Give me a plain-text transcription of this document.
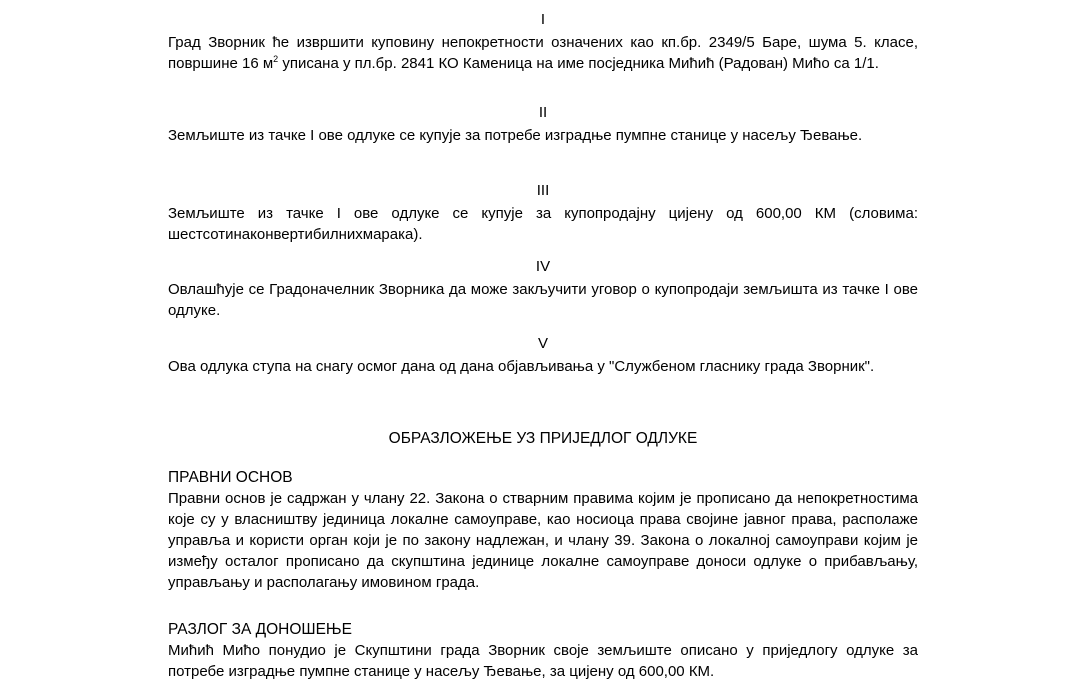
I

Град Зворник ће извршити куповину непокретности означених као кп.бр. 2349/5 Баре, шума 5. класе, површине 16 $м^2$ уписана у пл.бр. 2841 КО Каменица на име посједника Мићић (Радован) Мићо са 1/1.

II

Земљиште из тачке I ове одлуке се купује за потребе изградње пумпне станице у насељу Ђевање.

III

Земљиште из тачке I ове одлуке се купује за купопродајну цијену од 600,00 КМ (словима: шестсотинаконвертибилнихмарака).

IV

Овлашћује се Градоначелник Зворника да може закључити уговор о купопродаји земљишта из тачке I ове одлуке.

V

Ова одлука ступа на снагу осмог дана од дана објављивања у "Службеном гласнику града Зворник".

ОБРАЗЛОЖЕЊЕ УЗ ПРИЈЕДЛОГ ОДЛУКЕ

ПРАВНИ ОСНОВ

Правни основ је садржан у члану 22. Закона о стварним правима којим је прописано да непокретностима које су у власништву јединица локалне самоуправе, као носиоца права својине јавног права, располаже управља и користи орган који је по закону надлежан, и члану 39. Закона о локалној самоуправи којим је између осталог прописано да скупштина јединице локалне самоуправе доноси одлуке о прибављању, управљању и располагању имовином града.

РАЗЛОГ ЗА ДОНОШЕЊЕ

Мићић Мићо понудио је Скупштини града Зворник своје земљиште описано у приједлогу одлуке за потребе изградње пумпне станице у насељу Ђевање, за цијену од 600,00 КМ.
